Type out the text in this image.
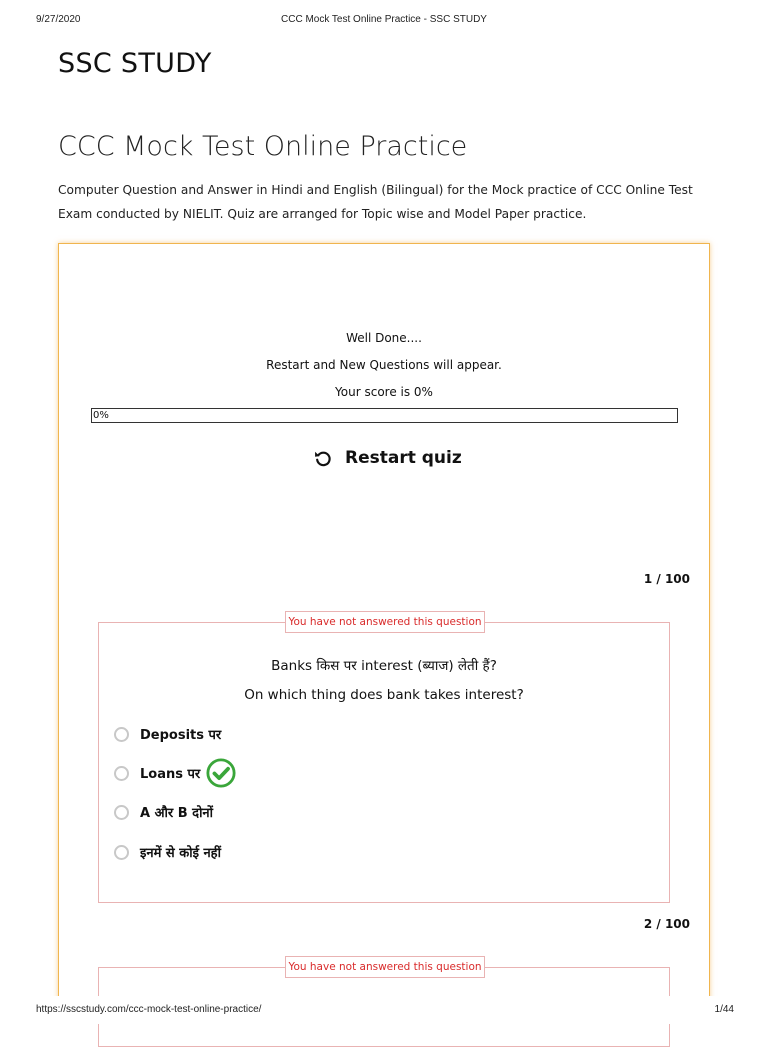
9/27/2020	CCC Mock Test Online Practice - SSC STUDY
SSC STUDY
CCC Mock Test Online Practice

Computer Question and Answer in Hindi and English (Bilingual) for the Mock practice of CCC Online Test Exam conducted by NIELIT. Quiz are arranged for Topic wise and Model Paper practice.

Well Done....
Restart and New Questions will appear.
Your score is 0%
0%
Restart quiz
1 / 100
You have not answered this question
Banks किस पर interest (ब्याज) लेती हैं?
On which thing does bank takes interest?
Deposits पर
Loans पर
A और B दोनों
इनमें से कोई नहीं
2 / 100
You have not answered this question
https://sscstudy.com/ccc-mock-test-online-practice/	1/44
